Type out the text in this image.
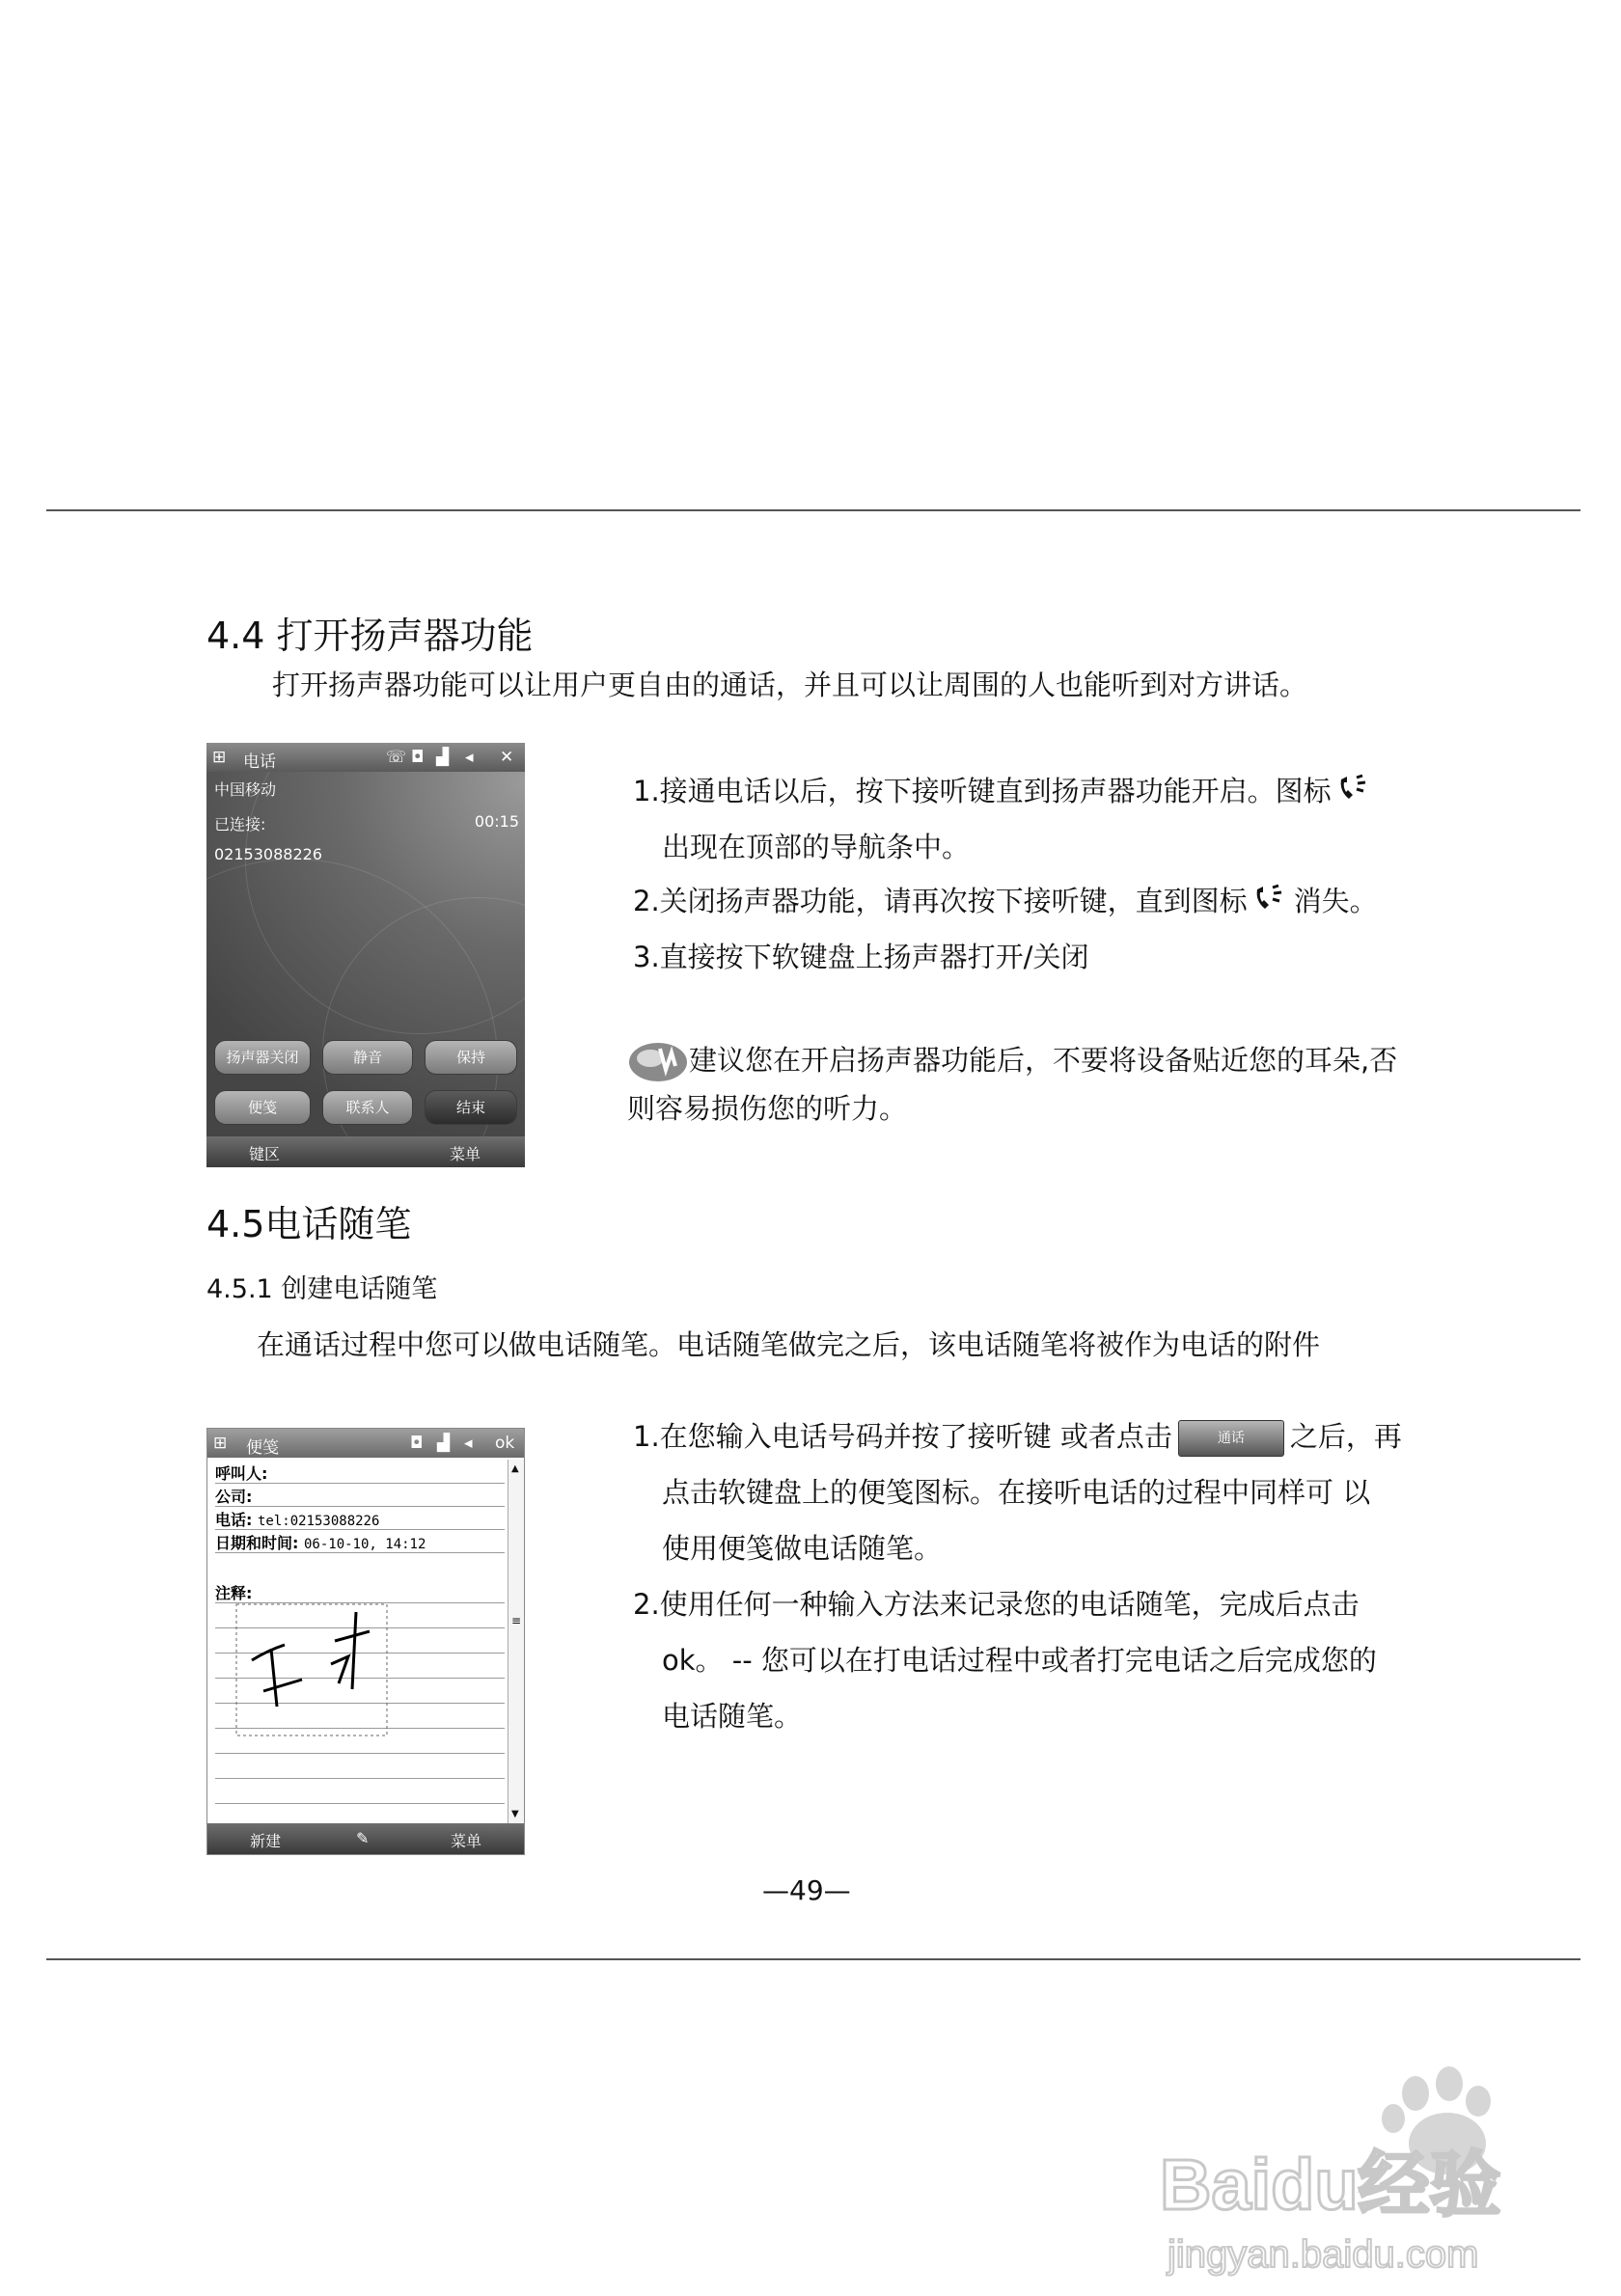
4.4 打开扬声器功能
打开扬声器功能可以让用户更自由的通话，并且可以让周围的人也能听到对方讲话。
⊞ 电话	☏ ◘ ▟ ◂ ✕
中国移动
已连接:	00:15
02153088226
扬声器关闭	静音	保持
便笺	联系人	结束
键区	菜单

1.接通电话以后，按下接听键直到扬声器功能开启。图标

出现在顶部的导航条中。

2.关闭扬声器功能，请再次按下接听键，直到图标 消失。

3.直接按下软键盘上扬声器打开/关闭

建议您在开启扬声器功能后，不要将设备贴近您的耳朵,否
则容易损伤您的听力。
4.5电话随笔
4.5.1 创建电话随笔
在通话过程中您可以做电话随笔。电话随笔做完之后，该电话随笔将被作为电话的附件
⊞ 便笺	◘ ▟ ◂ ok
呼叫人:
公司:
电话: tel:02153088226
日期和时间: 06-10-10, 14:12
注释:
▲
≡
▼
新建	✎	菜单

1.在您输入电话号码并按了接听键 或者点击	通话 之后，再

点击软键盘上的便笺图标。在接听电话的过程中同样可 以

使用便笺做电话随笔。

2.使用任何一种输入方法来记录您的电话随笔，完成后点击

ok。 -- 您可以在打电话过程中或者打完电话之后完成您的

电话随笔。

—49—
Baidu经验
jingyan.baidu.com
